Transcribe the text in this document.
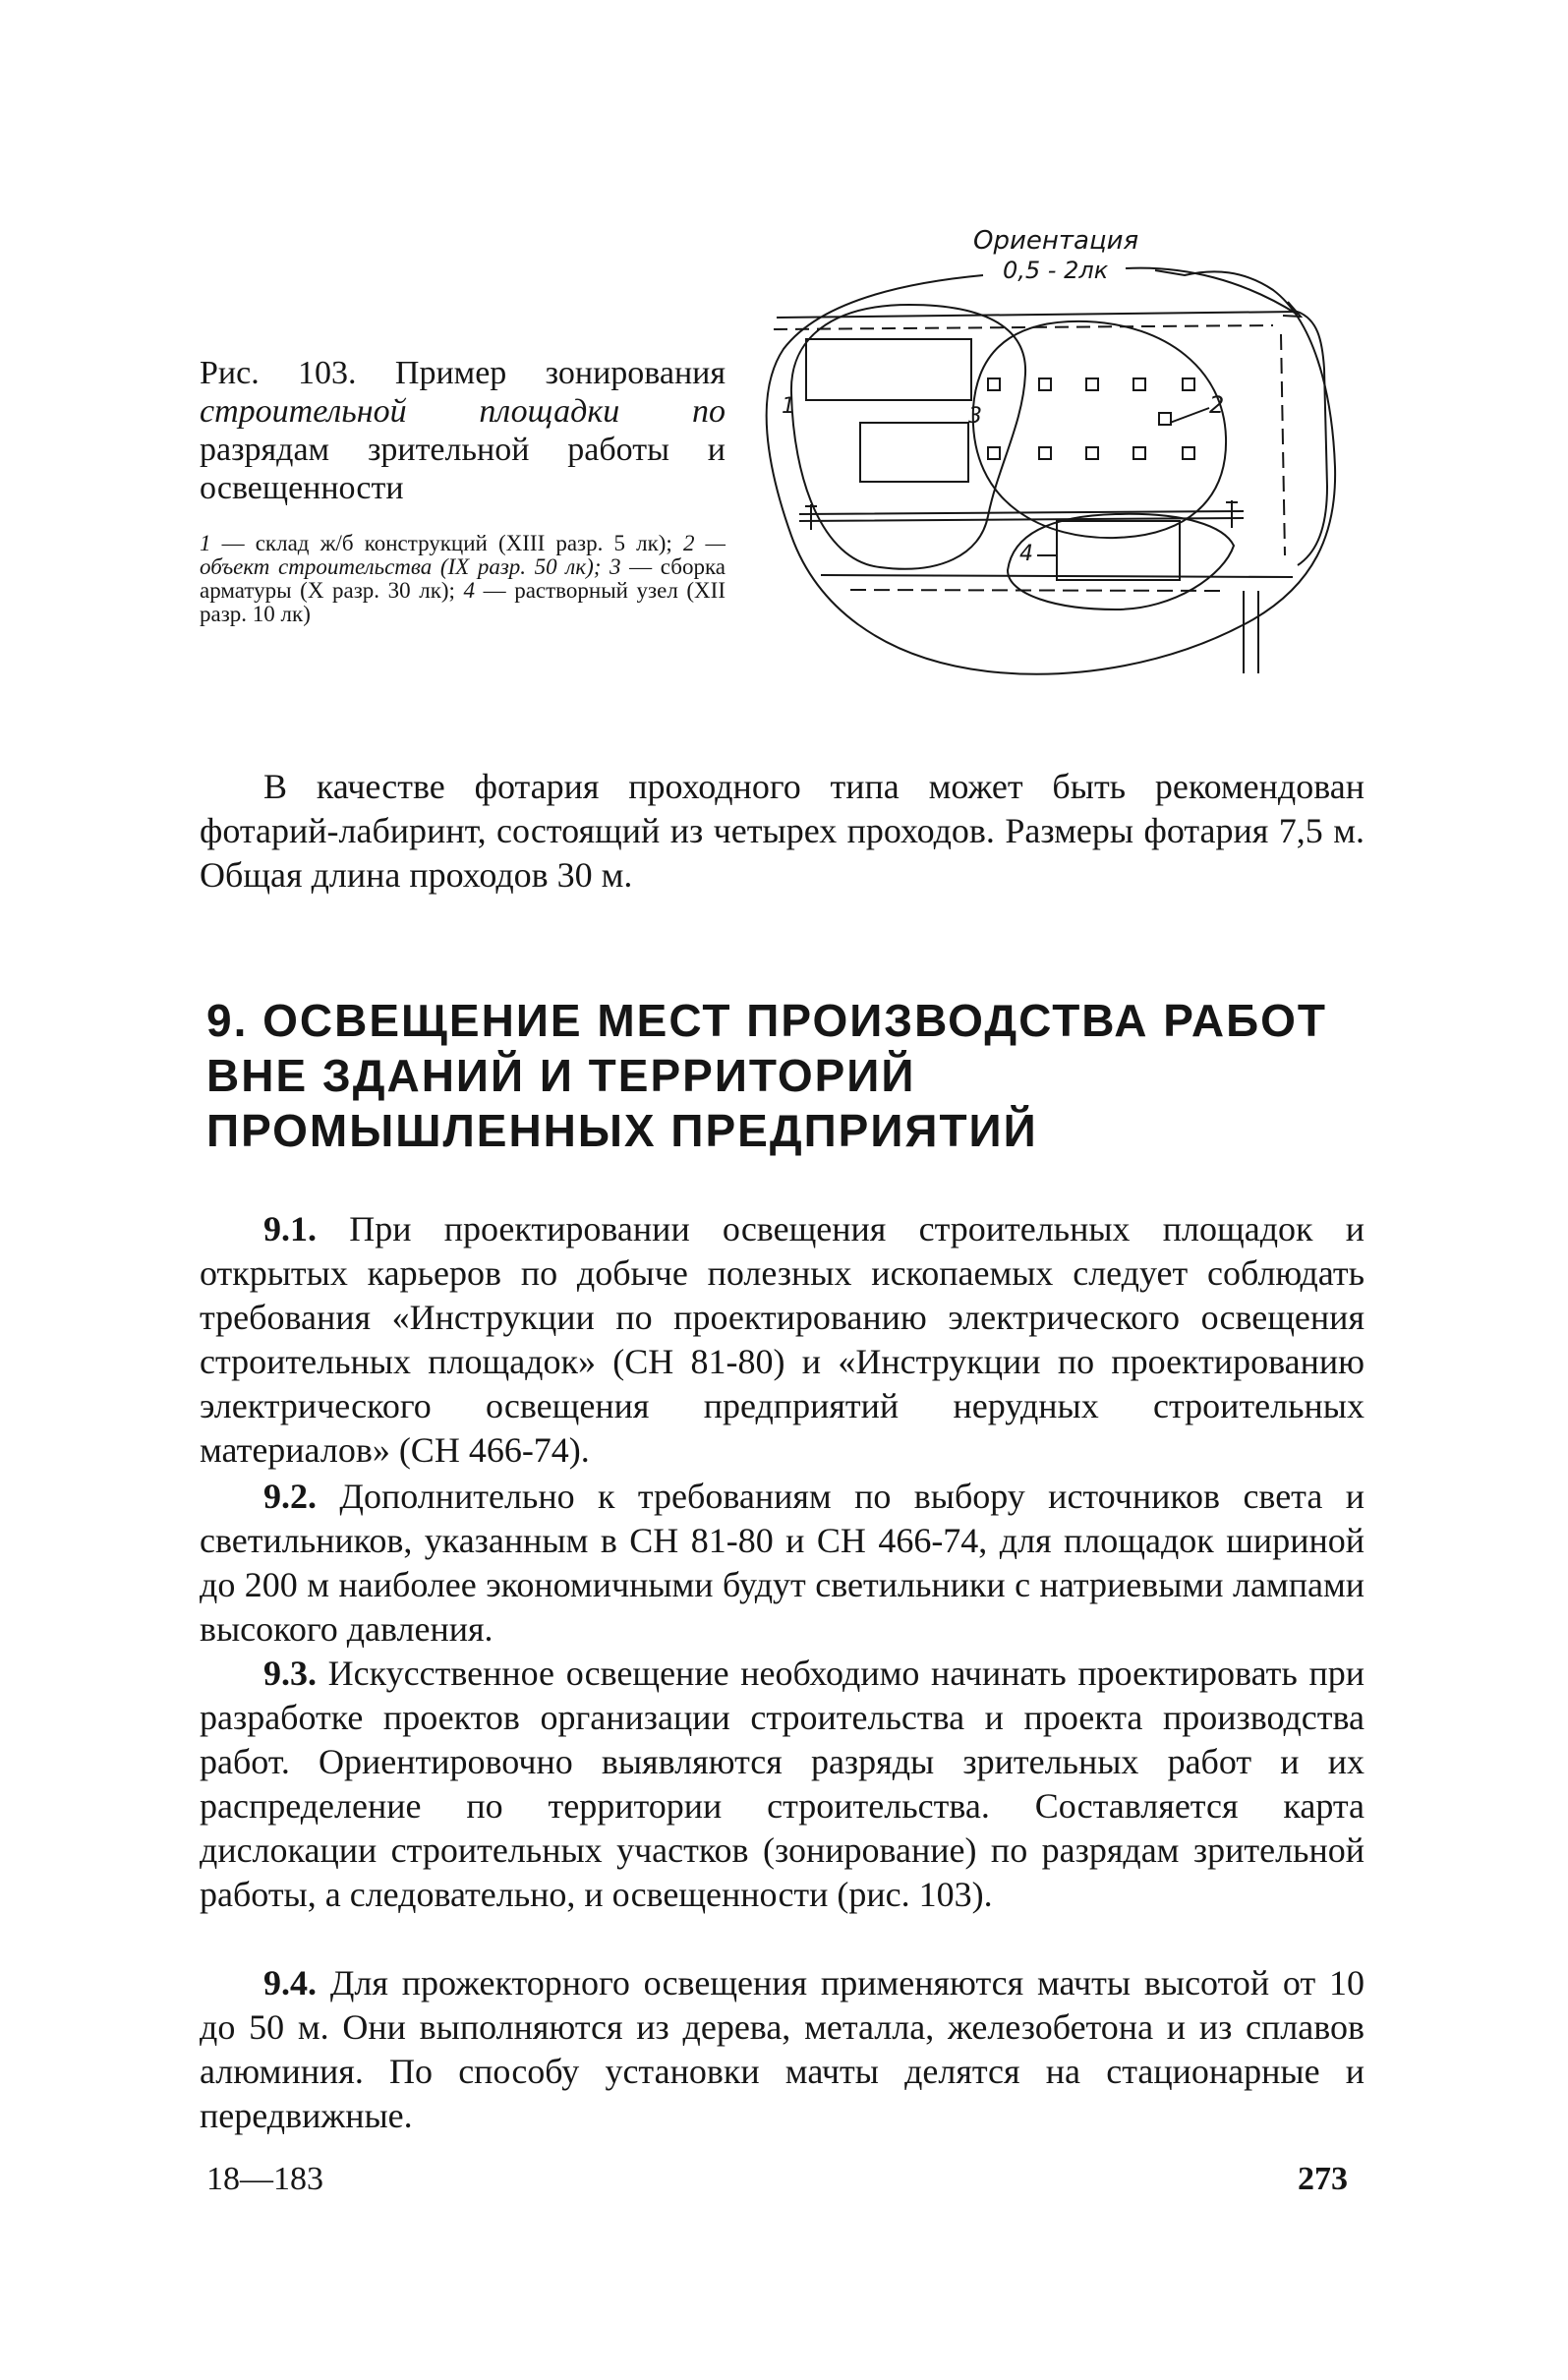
Рис. 103. Пример зонирования строительной площадки по разрядам зрительной работы и освещенности

1 — склад ж/б конструкций (XIII разр. 5 лк); 2 — объект строительства (IX разр. 50 лк); 3 — сборка арматуры (X разр. 30 лк); 4 — растворный узел (XII разр. 10 лк)
Ориентация
0,5 - 2лк
1	2
3
4

В качестве фотария проходного типа может быть рекомендован фотарий-лабиринт, состоящий из четырех проходов. Размеры фотария 7,5 м. Общая длина проходов 30 м.

9. ОСВЕЩЕНИЕ МЕСТ ПРОИЗВОДСТВА РАБОТ
ВНЕ ЗДАНИЙ И ТЕРРИТОРИЙ
ПРОМЫШЛЕННЫХ ПРЕДПРИЯТИЙ

9.1. При проектировании освещения строительных площадок и открытых карьеров по добыче полезных ископаемых следует соблюдать требования «Инструкции по проектированию электрического освещения строительных площадок» (СН 81-80) и «Инструкции по проектированию электрического освещения предприятий нерудных строительных материалов» (СН 466-74).

9.2. Дополнительно к требованиям по выбору источников света и светильников, указанным в СН 81-80 и СН 466-74, для площадок шириной до 200 м наиболее экономичными будут светильники с натриевыми лампами высокого давления.

9.3. Искусственное освещение необходимо начинать проектировать при разработке проектов организации строительства и проекта производства работ. Ориентировочно выявляются разряды зрительных работ и их распределение по территории строительства. Составляется карта дислокации строительных участков (зонирование) по разрядам зрительной работы, а следовательно, и освещенности (рис. 103).

9.4. Для прожекторного освещения применяются мачты высотой от 10 до 50 м. Они выполняются из дерева, металла, железобетона и из сплавов алюминия. По способу установки мачты делятся на стационарные и передвижные.

18—183	273
